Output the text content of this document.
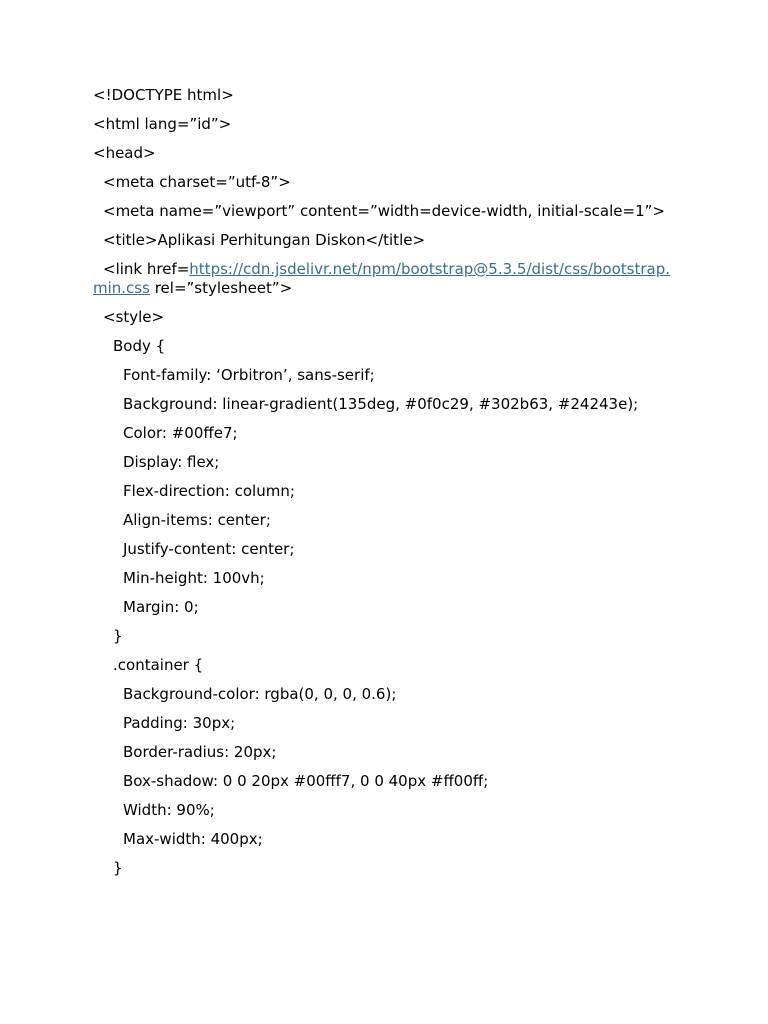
<!DOCTYPE html>
<html lang=”id”>
<head>
<meta charset=”utf-8”>
<meta name=”viewport” content=”width=device-width, initial-scale=1”>
<title>Aplikasi Perhitungan Diskon</title>
<link href=https://cdn.jsdelivr.net/npm/bootstrap@5.3.5/dist/css/bootstrap.min.css rel=”stylesheet”>
<style>
Body {
Font-family: ‘Orbitron’, sans-serif;
Background: linear-gradient(135deg, #0f0c29, #302b63, #24243e);
Color: #00ffe7;
Display: flex;
Flex-direction: column;
Align-items: center;
Justify-content: center;
Min-height: 100vh;
Margin: 0;
}
.container {
Background-color: rgba(0, 0, 0, 0.6);
Padding: 30px;
Border-radius: 20px;
Box-shadow: 0 0 20px #00fff7, 0 0 40px #ff00ff;
Width: 90%;
Max-width: 400px;
}
